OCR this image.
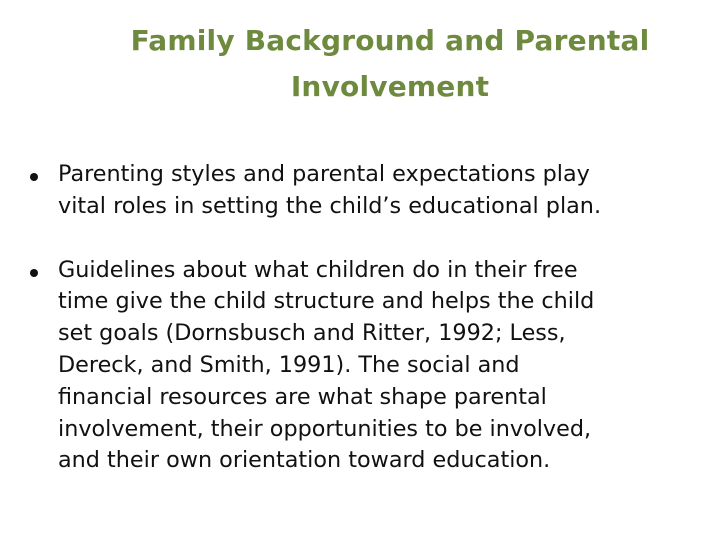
Family Background and Parental
Involvement
Parenting styles and parental expectations play
vital roles in setting the child’s educational plan.
Guidelines about what children do in their free
time give the child structure and helps the child
set goals (Dornsbusch and Ritter, 1992; Less,
Dereck, and Smith, 1991). The social and
financial resources are what shape parental
involvement, their opportunities to be involved,
and their own orientation toward education.
